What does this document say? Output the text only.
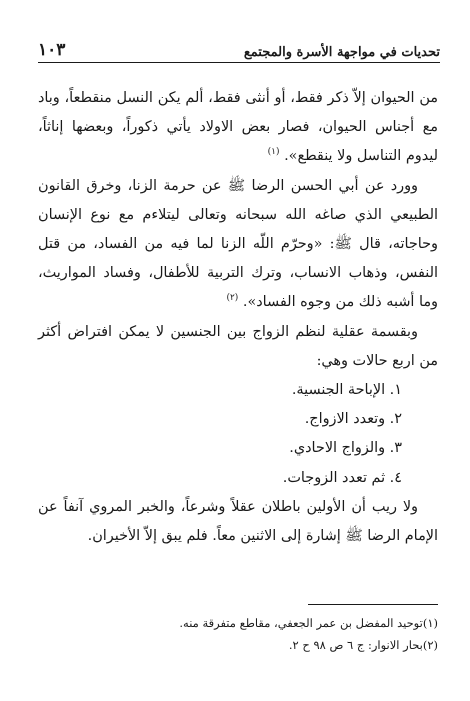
تحديات في مواجهة الأسرة والمجتمع
١٠٣

من الحيوان إلاّ ذكر فقط، أو أنثى فقط، ألم يكن النسل منقطعاً، وباد مع أجناس الحيوان، فصار بعض الاولاد يأتي ذكوراً، وبعضها إناثاً، ليدوم التناسل ولا ينقطع». $^{(١)}$

وورد عن أبي الحسن الرضا ﷺ عن حرمة الزنا، وخرق القانون الطبيعي الذي صاغه الله سبحانه وتعالى ليتلاءم مع نوع الإنسان وحاجاته، قال ﷺ: «وحرّم اللّه الزنا لما فيه من الفساد، من قتل النفس، وذهاب الانساب، وترك التربية للأطفال، وفساد المواريث، وما أشبه ذلك من وجوه الفساد». $^{(٢)}$

وبقسمة عقلية لنظم الزواج بين الجنسين لا يمكن افتراض أكثر من اربع حالات وهي:

١. الإباحة الجنسية.
٢. وتعدد الازواج.
٣. والزواج الاحادي.
٤. ثم تعدد الزوجات.

ولا ريب أن الأولين باطلان عقلاً وشرعاً، والخبر المروي آنفاً عن الإمام الرضا ﷺ إشارة إلى الاثنين معاً. فلم يبق إلاّ الأخيران.

(١)توحيد المفضل بن عمر الجعفي، مقاطع متفرقة منه.

(٢)بحار الانوار: ج ٦ ص ٩٨ ح ٢.
